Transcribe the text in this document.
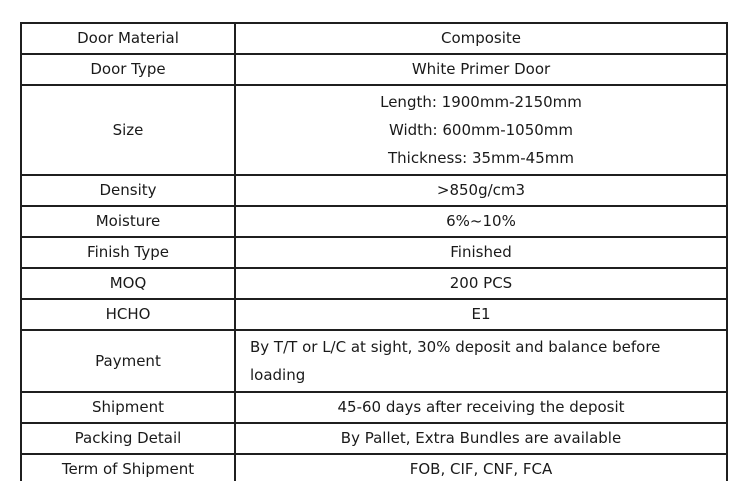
Door Material	Composite

Door Type	White Primer Door

Size	Length: 1900mm-2150mm
Width: 600mm-1050mm
Thickness: 35mm-45mm

Density	>850g/cm3

Moisture	6%~10%

Finish Type	Finished

MOQ	200 PCS

HCHO	E1

Payment	By T/T or L/C at sight, 30% deposit and balance before loading

Shipment	45-60 days after receiving the deposit

Packing Detail	By Pallet, Extra Bundles are available

Term of Shipment	FOB, CIF, CNF, FCA
